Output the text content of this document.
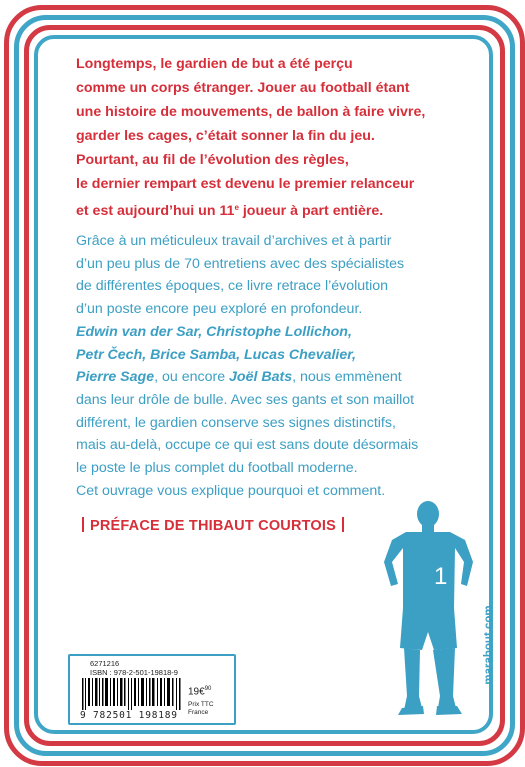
Longtemps, le gardien de but a été perçu
comme un corps étranger. Jouer au football étant
une histoire de mouvements, de ballon à faire vivre,
garder les cages, c’était sonner la fin du jeu.
Pourtant, au fil de l’évolution des règles,
le dernier rempart est devenu le premier relanceur
et est aujourd’hui un 11e joueur à part entière.

Grâce à un méticuleux travail d’archives et à partir
d’un peu plus de 70 entretiens avec des spécialistes
de différentes époques, ce livre retrace l’évolution
d’un poste encore peu exploré en profondeur.
Edwin van der Sar, Christophe Lollichon,
Petr Čech, Brice Samba, Lucas Chevalier,
Pierre Sage, ou encore Joël Bats, nous emmènent
dans leur drôle de bulle. Avec ses gants et son maillot
différent, le gardien conserve ses signes distinctifs,
mais au-delà, occupe ce qui est sans doute désormais
le poste le plus complet du football moderne.
Cet ouvrage vous explique pourquoi et comment.

PRÉFACE DE THIBAUT COURTOIS
1
marabout.com
6271216
ISBN : 978-2-501-19818-9
9 782501 198189
19€$^{90}$
Prix TTC
France
